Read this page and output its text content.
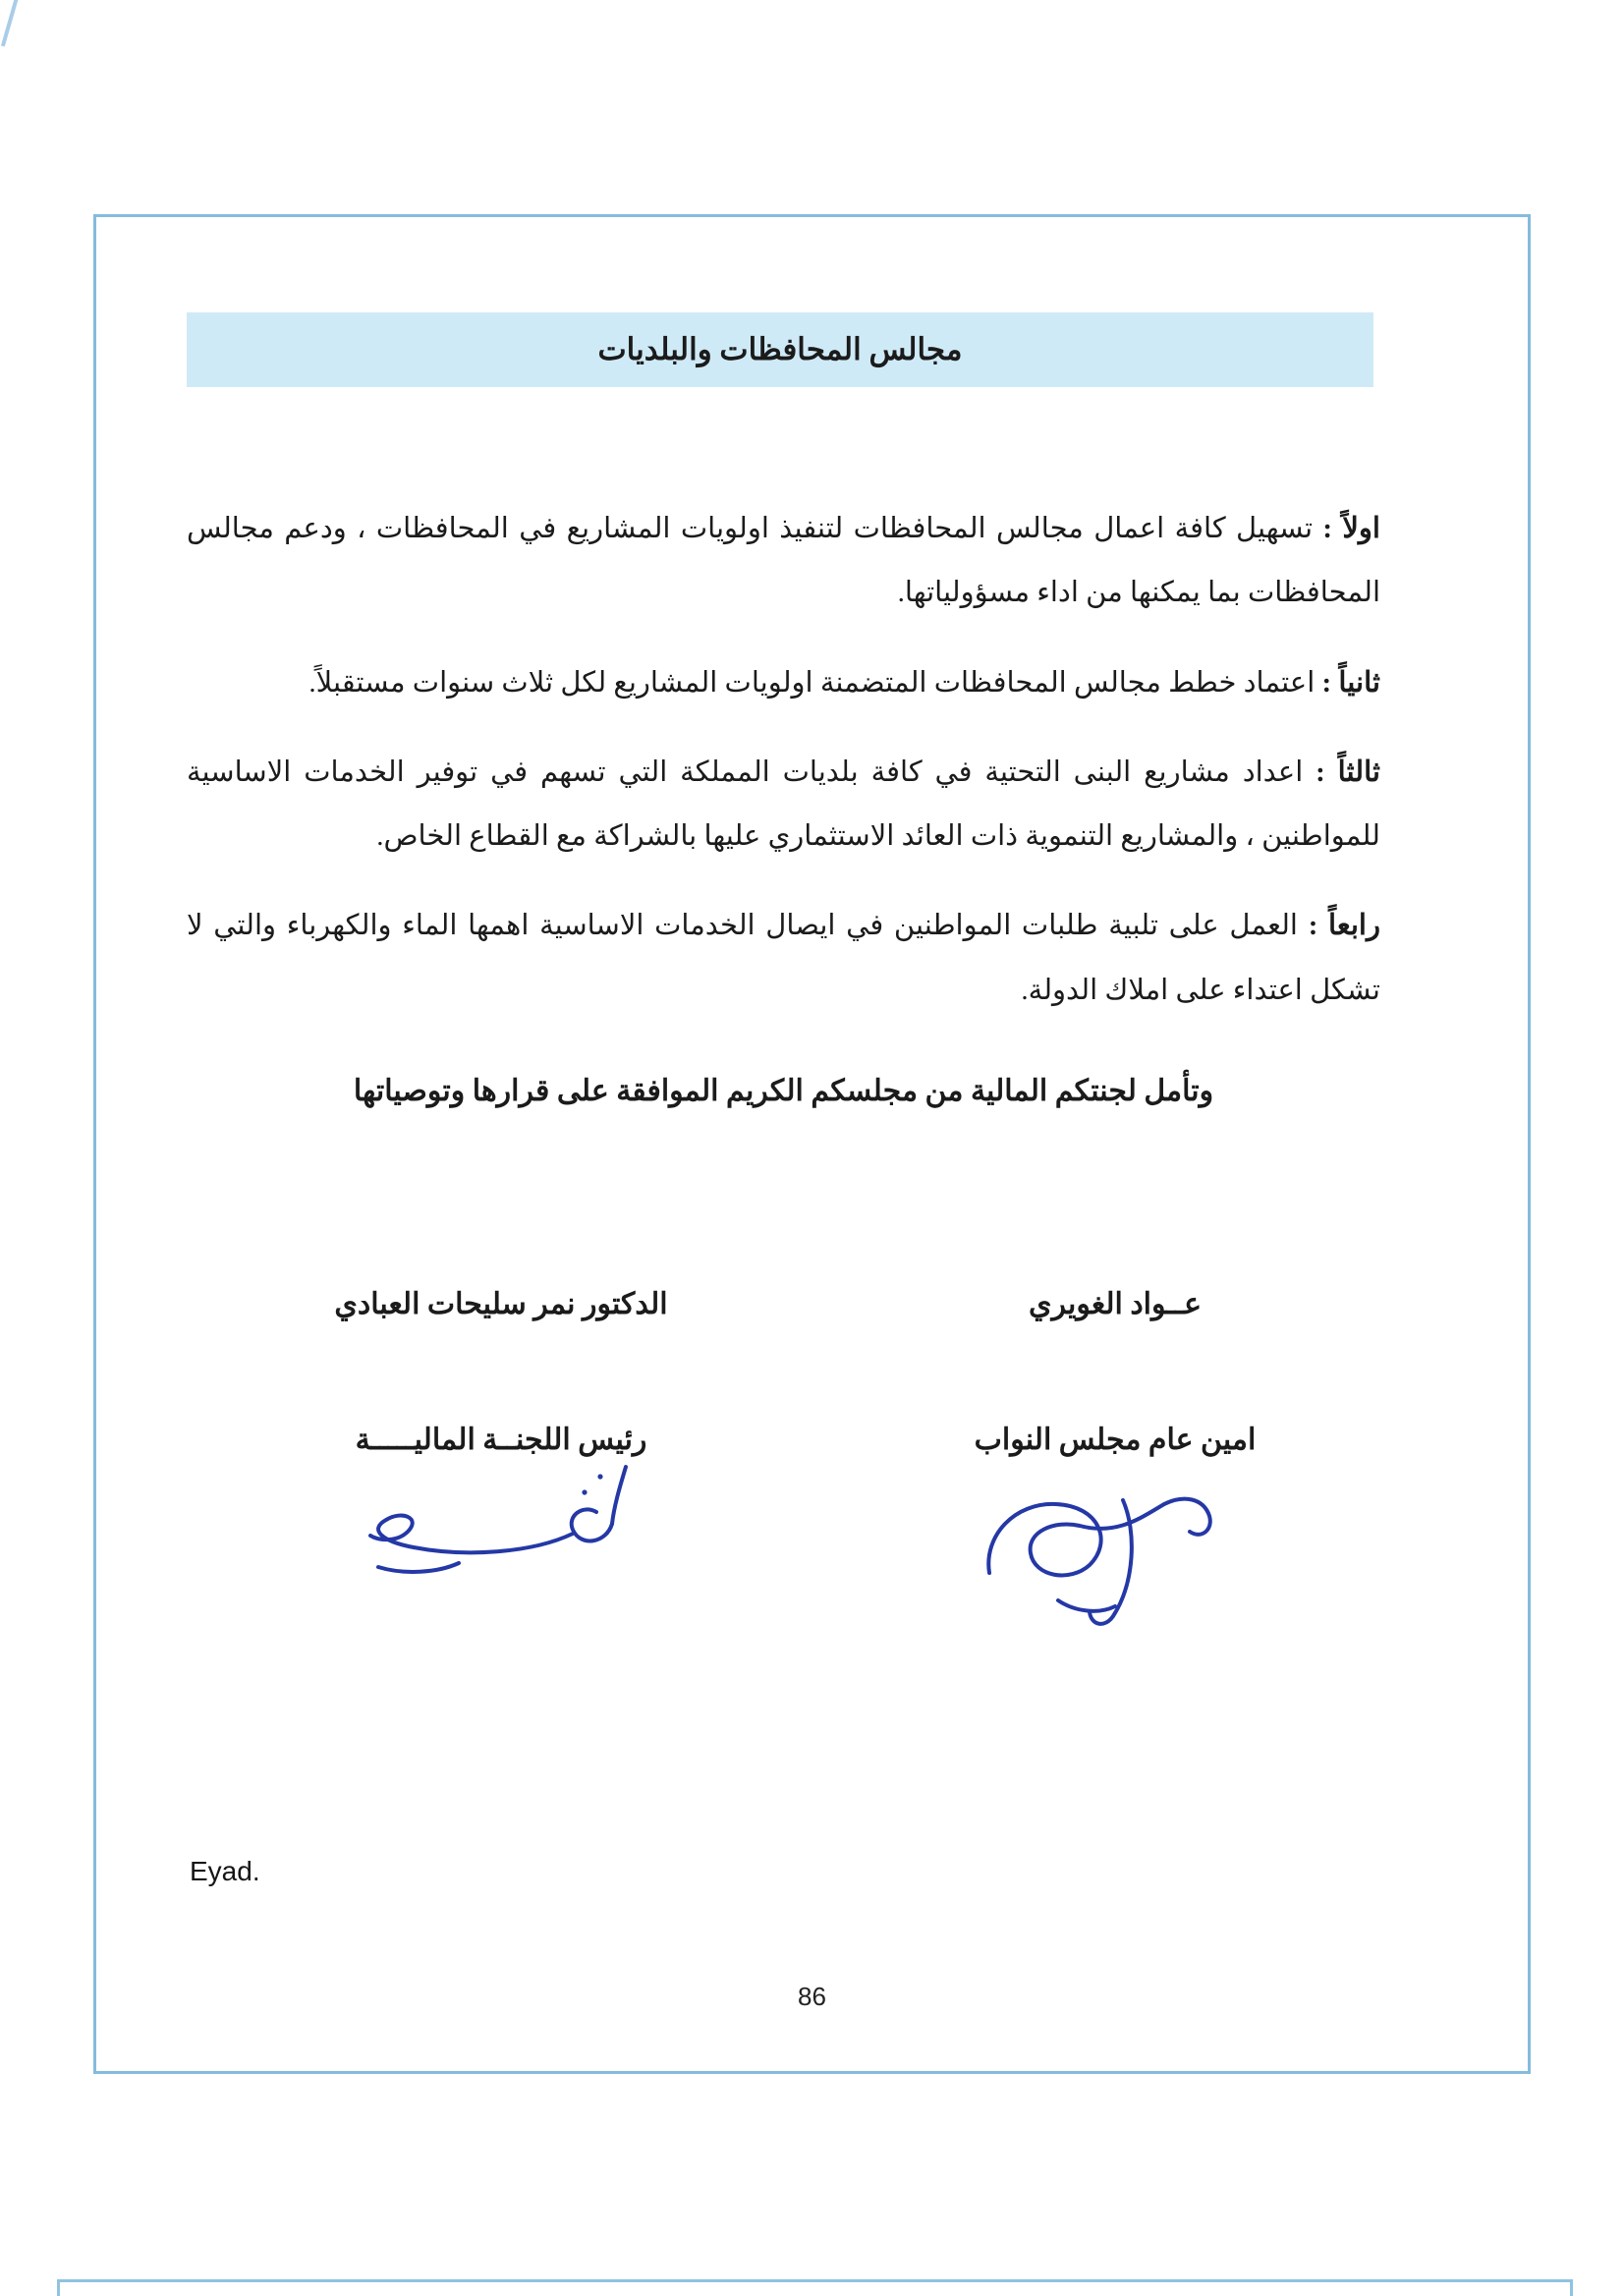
مجالس المحافظات والبلديات

اولاً : تسهيل كافة اعمال مجالس المحافظات لتنفيذ اولويات المشاريع في المحافظات ، ودعم مجالس المحافظات بما يمكنها من اداء مسؤولياتها.

ثانياً : اعتماد خطط مجالس المحافظات المتضمنة اولويات المشاريع لكل ثلاث سنوات مستقبلاً.

ثالثاً : اعداد مشاريع البنى التحتية في كافة بلديات المملكة التي تسهم في توفير الخدمات الاساسية للمواطنين ، والمشاريع التنموية ذات العائد الاستثماري عليها بالشراكة مع القطاع الخاص.

رابعاً : العمل على تلبية طلبات المواطنين في ايصال الخدمات الاساسية اهمها الماء والكهرباء والتي لا تشكل اعتداء على املاك الدولة.

وتأمل لجنتكم المالية من مجلسكم الكريم الموافقة على قرارها وتوصياتها

عــواد الغويري
امين عام مجلس النواب
الدكتور نمر سليحات العبادي
رئيس اللجنــة الماليـــــة
Eyad.
86
